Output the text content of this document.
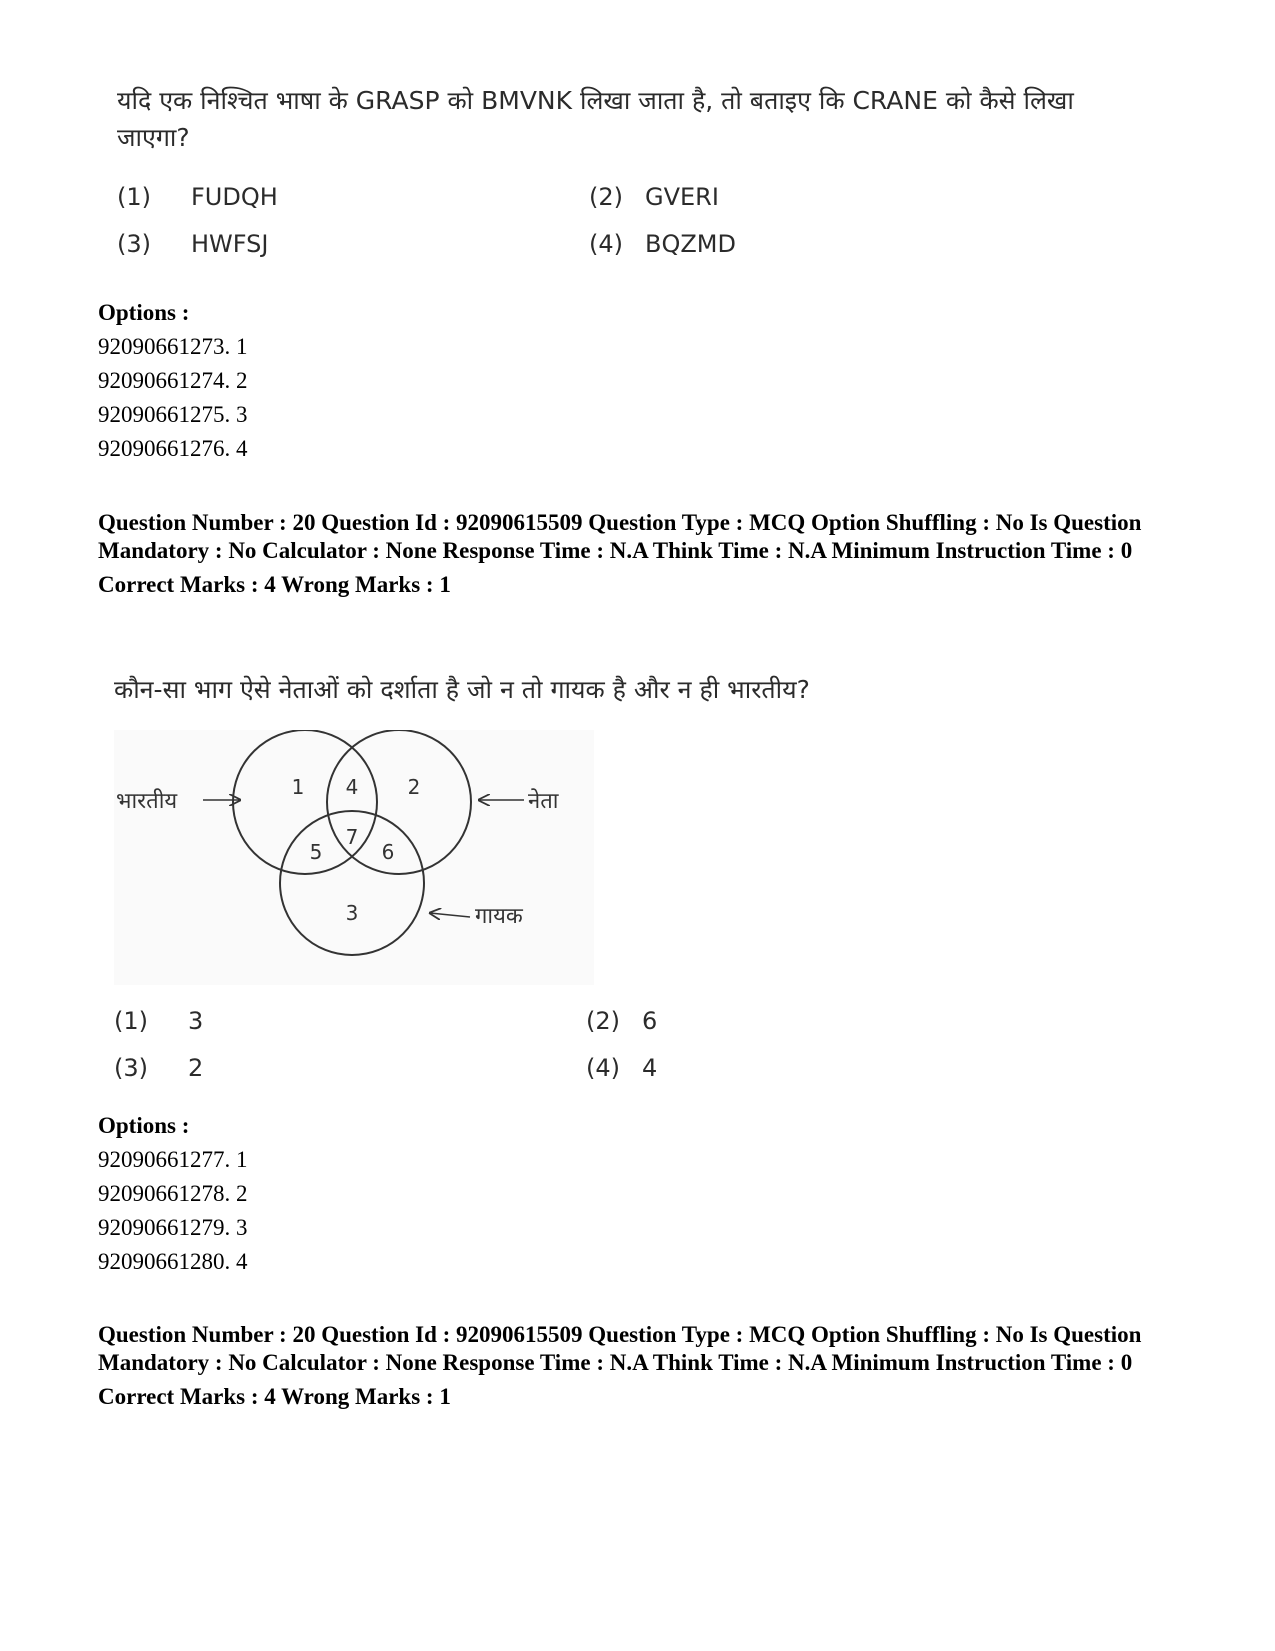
यदि एक निश्चित भाषा के GRASP को BMVNK लिखा जाता है, तो बताइए कि CRANE को कैसे लिखा जाएगा?
(1) FUDQH	(2) GVERI
(3) HWFSJ	(4) BQZMD
Options :
92090661273. 1
92090661274. 2
92090661275. 3
92090661276. 4
Question Number : 20 Question Id : 92090615509 Question Type : MCQ Option Shuffling : No Is Question Mandatory : No Calculator : None Response Time : N.A Think Time : N.A Minimum Instruction Time : 0
Correct Marks : 4 Wrong Marks : 1
कौन-सा भाग ऐसे नेताओं को दर्शाता है जो न तो गायक है और न ही भारतीय?
भारतीय	नेता
गायक
1 4 2
7
5	6
3
(1) 3	(2) 6
(3) 2	(4) 4
Options :
92090661277. 1
92090661278. 2
92090661279. 3
92090661280. 4
Question Number : 20 Question Id : 92090615509 Question Type : MCQ Option Shuffling : No Is Question Mandatory : No Calculator : None Response Time : N.A Think Time : N.A Minimum Instruction Time : 0
Correct Marks : 4 Wrong Marks : 1
